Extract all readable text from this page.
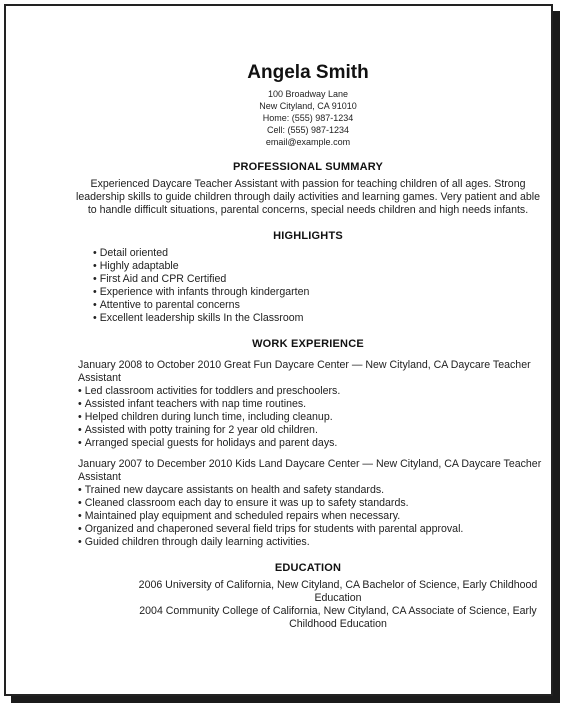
Angela Smith
100 Broadway Lane
New Cityland, CA 91010
Home: (555) 987-1234
Cell: (555) 987-1234
email@example.com
PROFESSIONAL SUMMARY
Experienced Daycare Teacher Assistant with passion for teaching children of all ages. Strong leadership skills to guide children through daily activities and learning games. Very patient and able to handle difficult situations, parental concerns, special needs children and high needs infants.
HIGHLIGHTS
• Detail oriented
• Highly adaptable
• First Aid and CPR Certified
• Experience with infants through kindergarten
• Attentive to parental concerns
• Excellent leadership skills In the Classroom
WORK EXPERIENCE
January 2008 to October 2010 Great Fun Daycare Center — New Cityland, CA Daycare Teacher Assistant
• Led classroom activities for toddlers and preschoolers.
• Assisted infant teachers with nap time routines.
• Helped children during lunch time, including cleanup.
• Assisted with potty training for 2 year old children.
• Arranged special guests for holidays and parent days.
January 2007 to December 2010 Kids Land Daycare Center — New Cityland, CA Daycare Teacher Assistant
• Trained new daycare assistants on health and safety standards.
• Cleaned classroom each day to ensure it was up to safety standards.
• Maintained play equipment and scheduled repairs when necessary.
• Organized and chaperoned several field trips for students with parental approval.
• Guided children through daily learning activities.
EDUCATION
2006 University of California, New Cityland, CA Bachelor of Science, Early Childhood Education
2004 Community College of California, New Cityland, CA Associate of Science, Early Childhood Education
